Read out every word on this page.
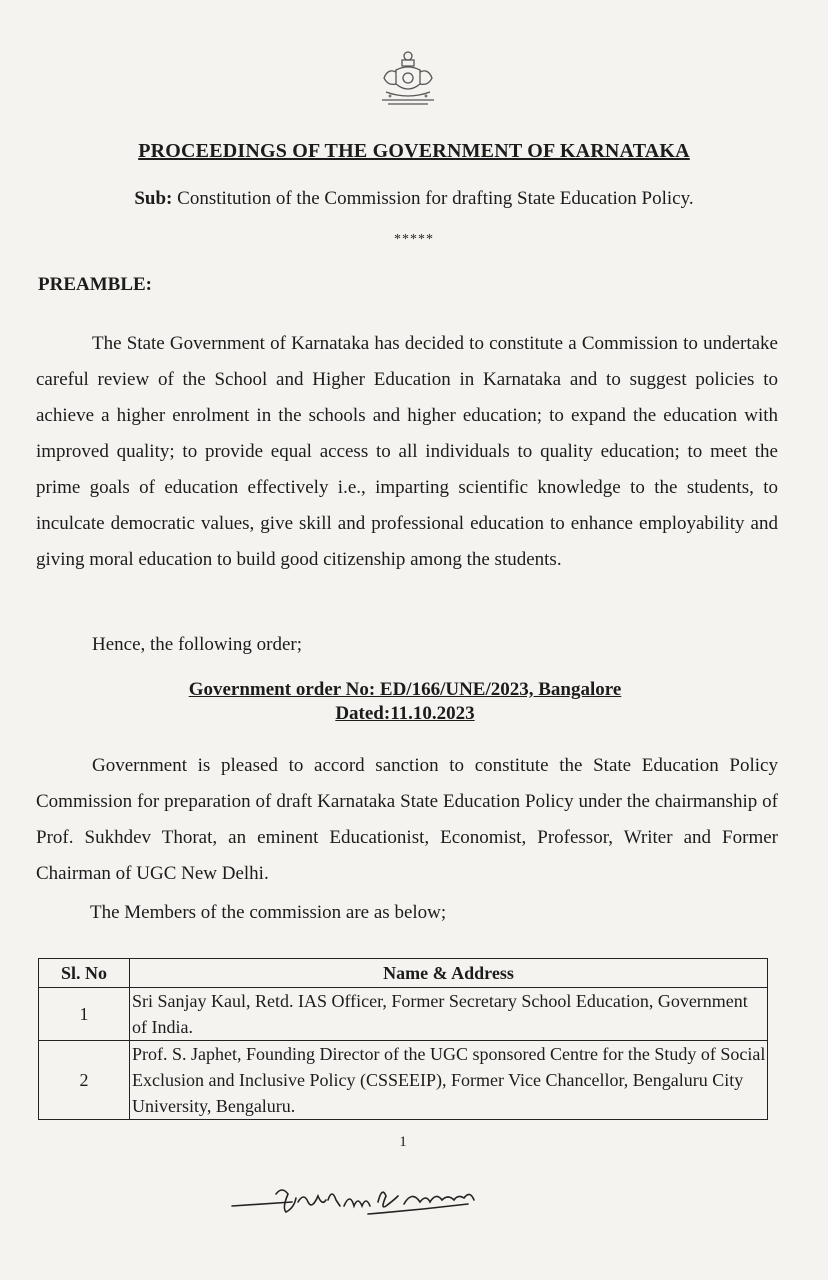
PROCEEDINGS OF THE GOVERNMENT OF KARNATAKA
Sub: Constitution of the Commission for drafting State Education Policy.
*****
PREAMBLE:
The State Government of Karnataka has decided to constitute a Commission to undertake careful review of the School and Higher Education in Karnataka and to suggest policies to achieve a higher enrolment in the schools and higher education; to expand the education with improved quality; to provide equal access to all individuals to quality education; to meet the prime goals of education effectively i.e., imparting scientific knowledge to the students, to inculcate democratic values, give skill and professional education to enhance employability and giving moral education to build good citizenship among the students.
Hence, the following order;
Government order No: ED/166/UNE/2023, Bangalore
Dated:11.10.2023
Government is pleased to accord sanction to constitute the State Education Policy Commission for preparation of draft Karnataka State Education Policy under the chairmanship of Prof. Sukhdev Thorat, an eminent Educationist, Economist, Professor, Writer and Former Chairman of UGC New Delhi.
The Members of the commission are as below;
Sl. No	Name & Address
1	Sri Sanjay Kaul, Retd. IAS Officer, Former Secretary School Education, Government of India.
2	Prof. S. Japhet, Founding Director of the UGC sponsored Centre for the Study of Social Exclusion and Inclusive Policy (CSSEEIP), Former Vice Chancellor, Bengaluru City University, Bengaluru.
1
